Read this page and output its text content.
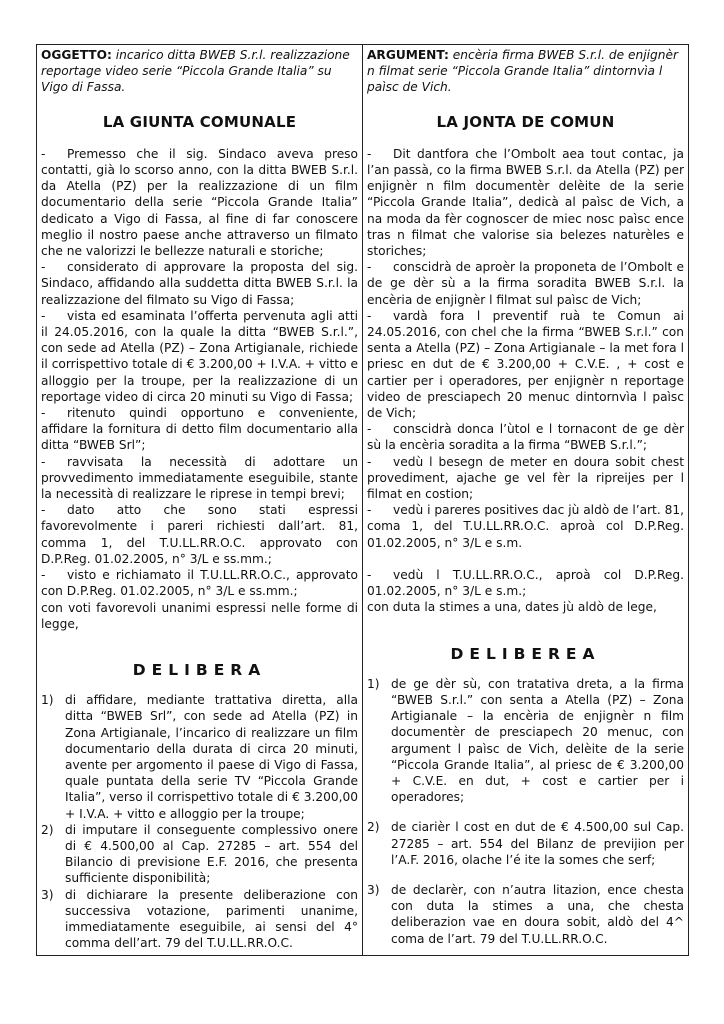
OGGETTO: incarico ditta BWEB S.r.l. realizzazione reportage video serie “Piccola Grande Italia” su Vigo di Fassa.

LA GIUNTA COMUNALE

- Premesso che il sig. Sindaco aveva preso contatti, già lo scorso anno, con la ditta BWEB S.r.l. da Atella (PZ) per la realizzazione di un film documentario della serie “Piccola Grande Italia” dedicato a Vigo di Fassa, al fine di far conoscere meglio il nostro paese anche attraverso un filmato che ne valorizzi le bellezze naturali e storiche;

- considerato di approvare la proposta del sig. Sindaco, affidando alla suddetta ditta BWEB S.r.l. la realizzazione del filmato su Vigo di Fassa;

- vista ed esaminata l’offerta pervenuta agli atti il 24.05.2016, con la quale la ditta “BWEB S.r.l.”, con sede ad Atella (PZ) – Zona Artigianale, richiede il corrispettivo totale di € 3.200,00 + I.V.A. + vitto e alloggio per la troupe, per la realizzazione di un reportage video di circa 20 minuti su Vigo di Fassa;

- ritenuto quindi opportuno e conveniente, affidare la fornitura di detto film documentario alla ditta “BWEB Srl”;

- ravvisata la necessità di adottare un provvedimento immediatamente eseguibile, stante la necessità di realizzare le riprese in tempi brevi;

- dato atto che sono stati espressi favorevolmente i pareri richiesti dall’art. 81, comma 1, del T.U.LL.RR.O.C. approvato con D.P.Reg. 01.02.2005, n° 3/L e ss.mm.;

- visto e richiamato il T.U.LL.RR.O.C., approvato con D.P.Reg. 01.02.2005, n° 3/L e ss.mm.;

con voti favorevoli unanimi espressi nelle forme di legge,

DELIBERA
1) di affidare, mediante trattativa diretta, alla ditta “BWEB Srl”, con sede ad Atella (PZ) in Zona Artigianale, l’incarico di realizzare un film documentario della durata di circa 20 minuti, avente per argomento il paese di Vigo di Fassa, quale puntata della serie TV “Piccola Grande Italia”, verso il corrispettivo totale di € 3.200,00 + I.V.A. + vitto e alloggio per la troupe;
2) di imputare il conseguente complessivo onere di € 4.500,00 al Cap. 27285 – art. 554 del Bilancio di previsione E.F. 2016, che presenta sufficiente disponibilità;
3) di dichiarare la presente deliberazione con successiva votazione, parimenti unanime, immediatamente eseguibile, ai sensi del 4° comma dell’art. 79 del T.U.LL.RR.O.C.

ARGUMENT: encèria firma BWEB S.r.l. de enjignèr n filmat serie “Piccola Grande Italia” dintornvìa l paìsc de Vich.

LA JONTA DE COMUN

- Dit dantfora che l’Ombolt aea tout contac, ja l’an passà, co la firma BWEB S.r.l. da Atella (PZ) per enjignèr n film documentèr delèite de la serie “Piccola Grande Italia”, dedicà al paìsc de Vich, a na moda da fèr cognoscer de miec nosc paìsc ence tras n filmat che valorise sia belezes naturèles e storiches;

- conscidrà de aproèr la proponeta de l’Ombolt e de ge dèr sù a la firma soradita BWEB S.r.l. la encèria de enjignèr l filmat sul paìsc de Vich;

- vardà fora l preventif ruà te Comun ai 24.05.2016, con chel che la firma “BWEB S.r.l.” con senta a Atella (PZ) – Zona Artigianale – la met fora l priesc en dut de € 3.200,00 + C.V.E. , + cost e cartier per i operadores, per enjignèr n reportage video de presciapech 20 menuc dintornvìa l paìsc de Vich;

- conscidrà donca l’ùtol e l tornacont de ge dèr sù la encèria soradita a la firma “BWEB S.r.l.”;

- vedù l besegn de meter en doura sobit chest provediment, ajache ge vel fèr la ripreijes per l filmat en costion;

- vedù i pareres positives dac jù aldò de l’art. 81, coma 1, del T.U.LL.RR.O.C. aproà col D.P.Reg. 01.02.2005, n° 3/L e s.m.

- vedù l T.U.LL.RR.O.C., aproà col D.P.Reg. 01.02.2005, n° 3/L e s.m.;

con duta la stimes a una, dates jù aldò de lege,

DELIBEREA
1) de ge dèr sù, con tratativa dreta, a la firma “BWEB S.r.l.” con senta a Atella (PZ) – Zona Artigianale – la encèria de enjignèr n film documentèr de presciapech 20 menuc, con argument l paìsc de Vich, delèite de la serie “Piccola Grande Italia”, al priesc de € 3.200,00 + C.V.E. en dut, + cost e cartier per i operadores;
2) de ciarièr l cost en dut de € 4.500,00 sul Cap. 27285 – art. 554 del Bilanz de previjion per l’A.F. 2016, olache l’é ite la somes che serf;
3) de declarèr, con n’autra litazion, ence chesta con duta la stimes a una, che chesta deliberazion vae en doura sobit, aldò del 4^ coma de l’art. 79 del T.U.LL.RR.O.C.
